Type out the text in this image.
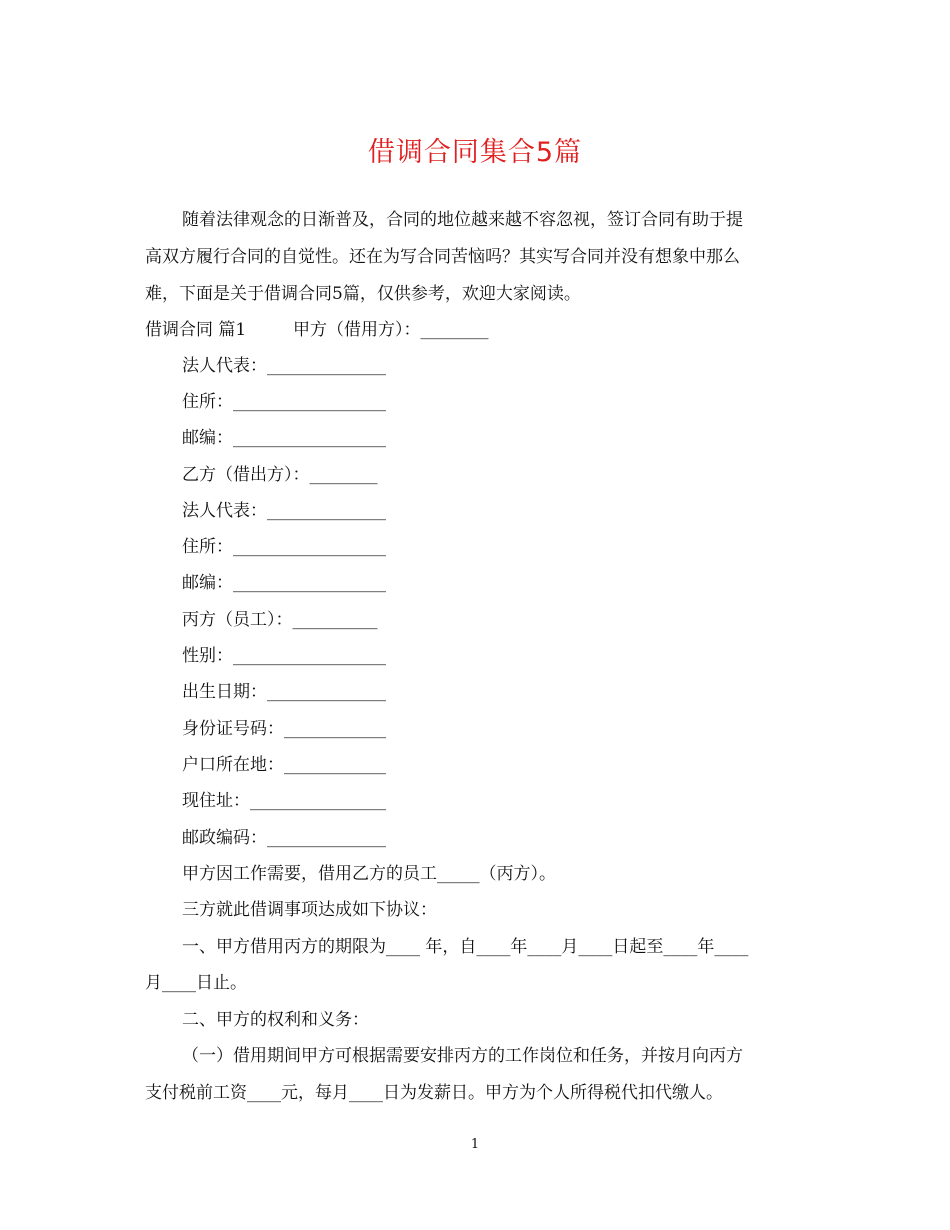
借调合同集合5篇
随着法律观念的日渐普及，合同的地位越来越不容忽视，签订合同有助于提
高双方履行合同的自觉性。还在为写合同苦恼吗？其实写合同并没有想象中那么
难，下面是关于借调合同5篇，仅供参考，欢迎大家阅读。
借调合同 篇1	甲方（借用方）：________
法人代表：______________
住所：__________________
邮编：__________________
乙方（借出方）：________
法人代表：______________
住所：__________________
邮编：__________________
丙方（员工）：__________
性别：__________________
出生日期：______________
身份证号码：____________
户口所在地：____________
现住址：________________
邮政编码：______________
甲方因工作需要，借用乙方的员工_____（丙方）。
三方就此借调事项达成如下协议：
一、甲方借用丙方的期限为____ 年，自____年____月____日起至____年____
月____日止。
二、甲方的权利和义务：
（一）借用期间甲方可根据需要安排丙方的工作岗位和任务，并按月向丙方
支付税前工资____元，每月____日为发薪日。甲方为个人所得税代扣代缴人。
1
